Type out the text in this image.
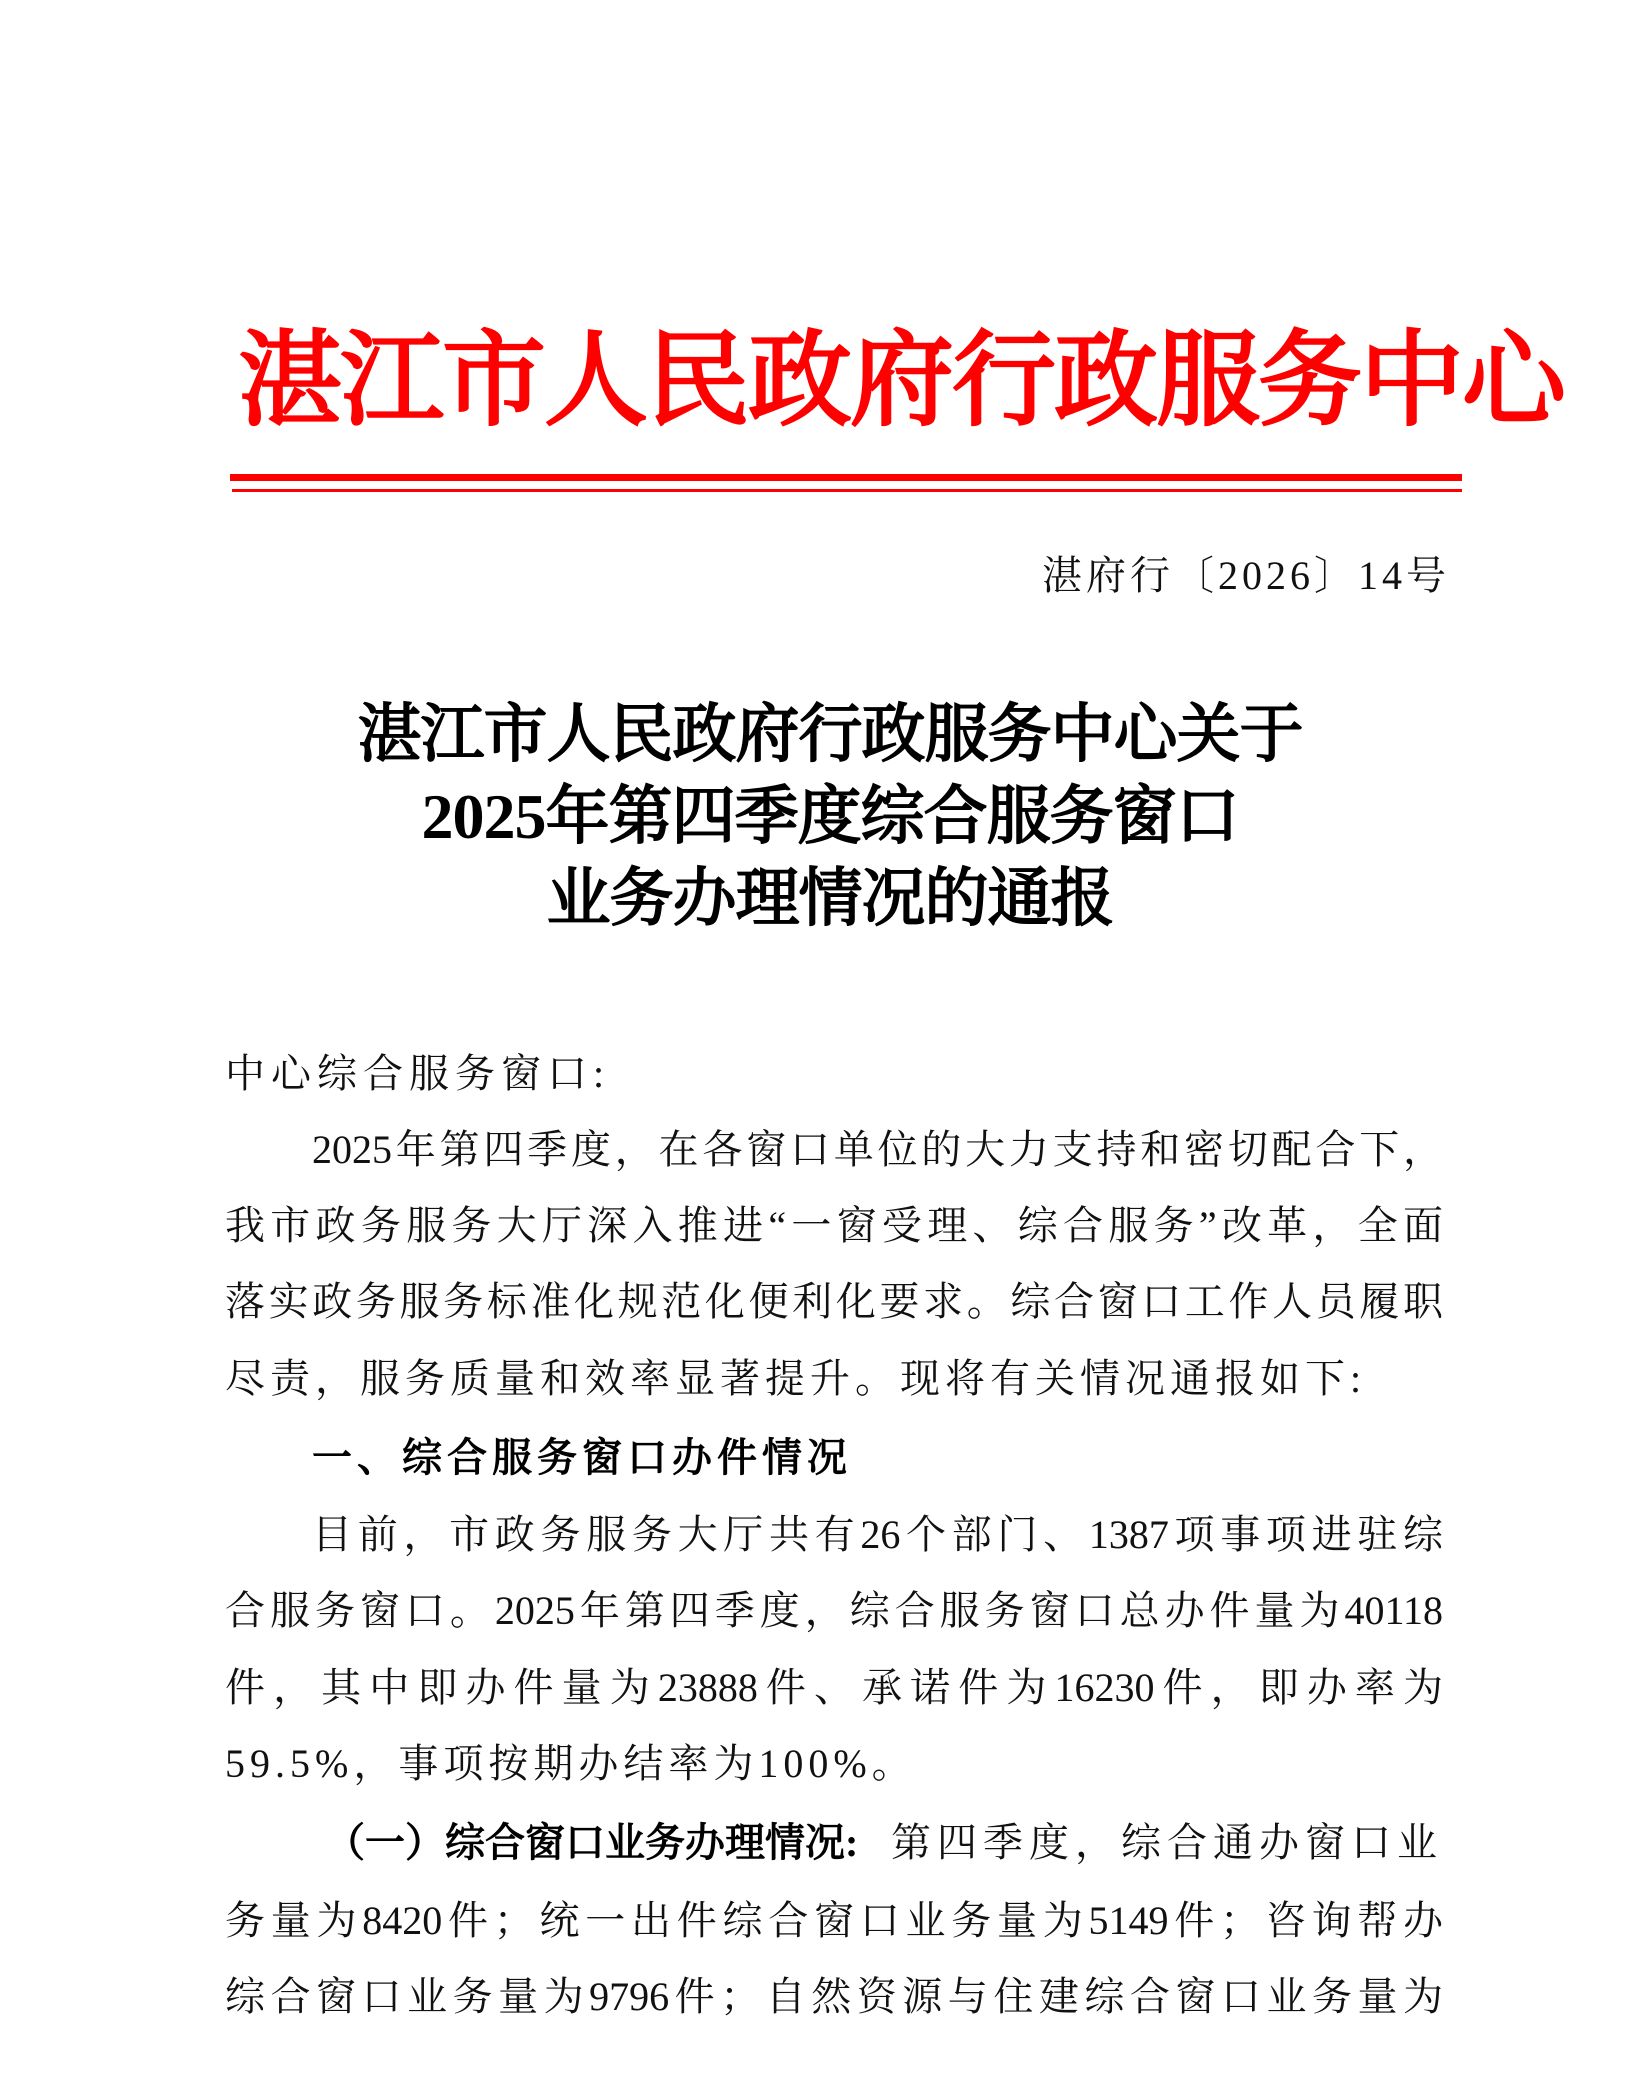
湛江市人民政府行政服务中心
湛府行〔2026〕14号
湛江市人民政府行政服务中心关于
2025年第四季度综合服务窗口
业务办理情况的通报
中心综合服务窗口:
2025年第四季度，在各窗口单位的大力支持和密切配合下，
我市政务服务大厅深入推进“一窗受理、综合服务”改革，全面
落实政务服务标准化规范化便利化要求。综合窗口工作人员履职
尽责，服务质量和效率显著提升。现将有关情况通报如下:
一、综合服务窗口办件情况
目前，市政务服务大厅共有26个部门、1387项事项进驻综
合服务窗口。2025年第四季度，综合服务窗口总办件量为40118
件，其中即办件量为23888件、承诺件为16230件，即办率为
59.5%，事项按期办结率为100%。
（一）综合窗口业务办理情况: 第四季度，综合通办窗口业
务量为8420件；统一出件综合窗口业务量为5149件；咨询帮办
综合窗口业务量为9796件；自然资源与住建综合窗口业务量为
